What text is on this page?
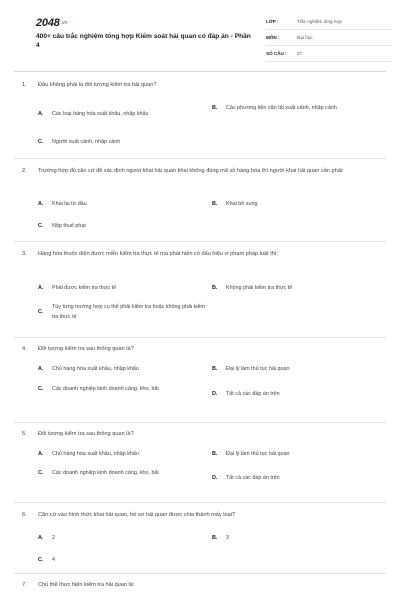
2048.vn
400+ câu trắc nghiệm tổng hợp Kiểm soát hải quan có đáp án - Phần 4
LỚP :	Trắc nghiệm tổng hợp
MÔN :	Đại học
SỐ CÂU :	27
1. Đâu không phải là đối tượng kiểm tra hải quan?
A.	Các loại hàng hóa xuất khẩu, nhập khẩu
B.	Các phương tiện vận tải xuất cảnh, nhập cảnh
C.	Người xuất cảnh, nhập cảnh
2. Trường hợp đủ căn cứ để xác định người khai hải quan khai không đúng mã số hàng hóa thì người khai hải quan cần phải:
A.	Khai lại từ đầu	B.	Khai bổ sung
C.	Nộp thuế phạt
3. Hàng hóa thuộc diện được miễn kiểm tra thực tế mà phát hiện có dấu hiệu vi phạm pháp luật thì:
A.	Phải được kiểm tra thực tế	B.	Không phải kiểm tra thực tế
C.
Tùy từng trường hợp cụ thể phải kiểm tra hoặc không phải kiểm tra thực tế
4. Đối tượng kiểm tra sau thông quan là?
A.	Chủ hàng hóa xuất khẩu, nhập khẩu	B.	Đại lý làm thủ tục hải quan
C.	Các doanh nghiệp kinh doanh cảng, kho, bãi
D.	Tất cả các đáp án trên
5. Đối tượng kiểm tra sau thông quan là?
A.	Chủ hàng hóa xuất khẩu, nhập khẩu	B.	Đại lý làm thủ tục hải quan
C.	Các doanh nghiệp kinh doanh cảng, kho, bãi
D.	Tất cả các đáp án trên
6. Căn cứ vào hình thức khai hải quan, hồ sơ hải quan được chia thành mấy loại?
A.	2	B.	3
C.	4
7. Chủ thể thực hiện kiểm tra hải quan là:
